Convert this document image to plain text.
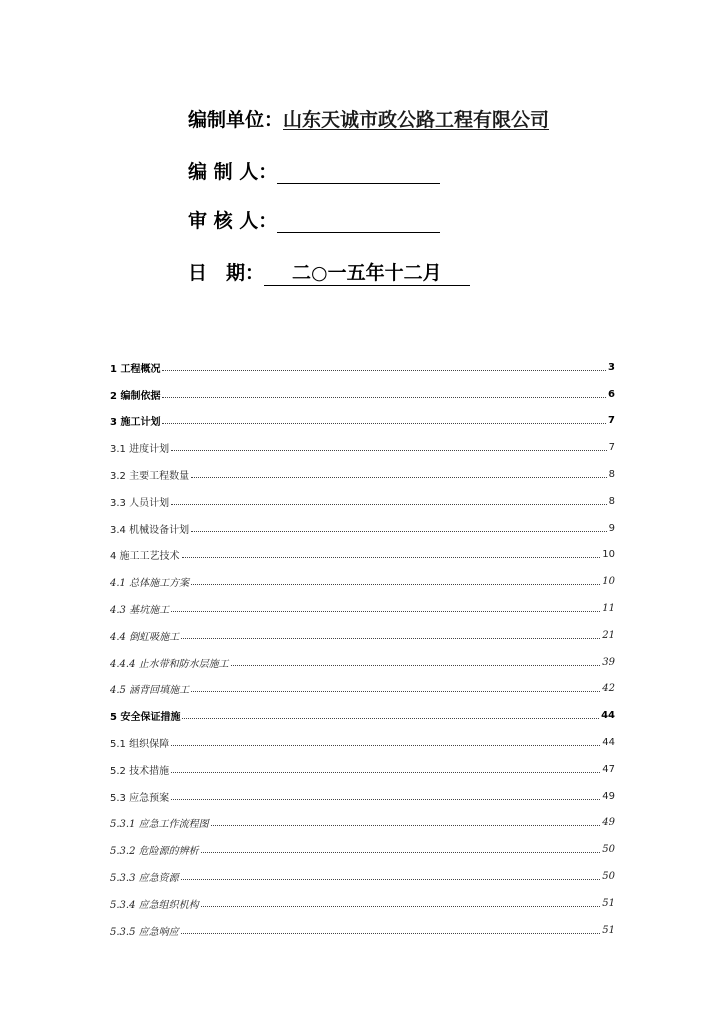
编制单位：山东天诚市政公路工程有限公司
编 制 人：
审 核 人：
日　期： 二○一五年十二月
1 工程概况	3
2 编制依据	6
3 施工计划	7
3.1 进度计划	7
3.2 主要工程数量	8
3.3 人员计划	8
3.4 机械设备计划	9
4 施工工艺技术	10
4.1 总体施工方案	10
4.3 基坑施工	11
4.4 倒虹吸施工	21
4.4.4 止水带和防水层施工	39
4.5 涵背回填施工	42
5 安全保证措施	44
5.1 组织保障	44
5.2 技术措施	47
5.3 应急预案	49
5.3.1 应急工作流程图	49
5.3.2 危险源的辨析	50
5.3.3 应急资源	50
5.3.4 应急组织机构	51
5.3.5 应急响应	51
